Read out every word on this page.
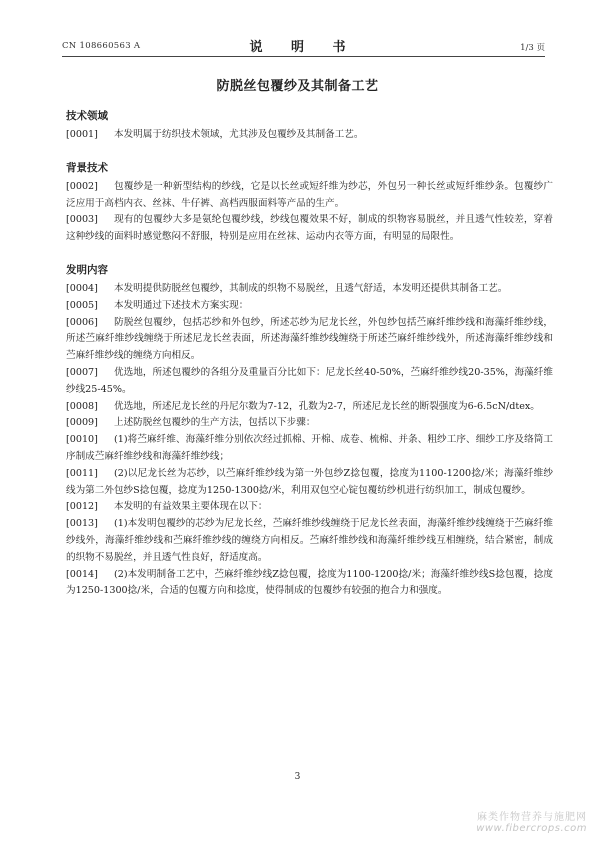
CN 108660563 A	说 明 书	1/3 页
防脱丝包覆纱及其制备工艺
技术领域

[0001] 本发明属于纺织技术领域，尤其涉及包覆纱及其制备工艺。

背景技术

[0002] 包覆纱是一种新型结构的纱线，它是以长丝或短纤维为纱芯，外包另一种长丝或短纤维纱条。包覆纱广泛应用于高档内衣、丝袜、牛仔裤、高档西服面料等产品的生产。

[0003] 现有的包覆纱大多是氨纶包覆纱线，纱线包覆效果不好，制成的织物容易脱丝，并且透气性较差，穿着这种纱线的面料时感觉憋闷不舒服，特别是应用在丝袜、运动内衣等方面，有明显的局限性。

发明内容

[0004] 本发明提供防脱丝包覆纱，其制成的织物不易脱丝，且透气舒适，本发明还提供其制备工艺。

[0005] 本发明通过下述技术方案实现：

[0006] 防脱丝包覆纱，包括芯纱和外包纱，所述芯纱为尼龙长丝，外包纱包括苎麻纤维纱线和海藻纤维纱线，所述苎麻纤维纱线缠绕于所述尼龙长丝表面，所述海藻纤维纱线缠绕于所述苎麻纤维纱线外，所述海藻纤维纱线和苎麻纤维纱线的缠绕方向相反。

[0007] 优选地，所述包覆纱的各组分及重量百分比如下：尼龙长丝40-50%，苎麻纤维纱线20-35%，海藻纤维纱线25-45%。

[0008] 优选地，所述尼龙长丝的丹尼尔数为7-12，孔数为2-7，所述尼龙长丝的断裂强度为6-6.5cN/dtex。

[0009] 上述防脱丝包覆纱的生产方法，包括以下步骤：

[0010] (1)将苎麻纤维、海藻纤维分别依次经过抓棉、开棉、成卷、梳棉、并条、粗纱工序、细纱工序及络筒工序制成苎麻纤维纱线和海藻纤维纱线；

[0011] (2)以尼龙长丝为芯纱，以苎麻纤维纱线为第一外包纱Z捻包覆，捻度为1100-1200捻/米；海藻纤维纱线为第二外包纱S捻包覆，捻度为1250-1300捻/米，利用双包空心锭包覆纺纱机进行纺织加工，制成包覆纱。

[0012] 本发明的有益效果主要体现在以下：

[0013] (1)本发明包覆纱的芯纱为尼龙长丝，苎麻纤维纱线缠绕于尼龙长丝表面，海藻纤维纱线缠绕于苎麻纤维纱线外，海藻纤维纱线和苎麻纤维纱线的缠绕方向相反。苎麻纤维纱线和海藻纤维纱线互相缠绕，结合紧密，制成的织物不易脱丝，并且透气性良好，舒适度高。

[0014] (2)本发明制备工艺中，苎麻纤维纱线Z捻包覆，捻度为1100-1200捻/米；海藻纤维纱线S捻包覆，捻度为1250-1300捻/米，合适的包覆方向和捻度，使得制成的包覆纱有较强的抱合力和强度。

3
麻类作物营养与施肥网
www.fibercrops.com
